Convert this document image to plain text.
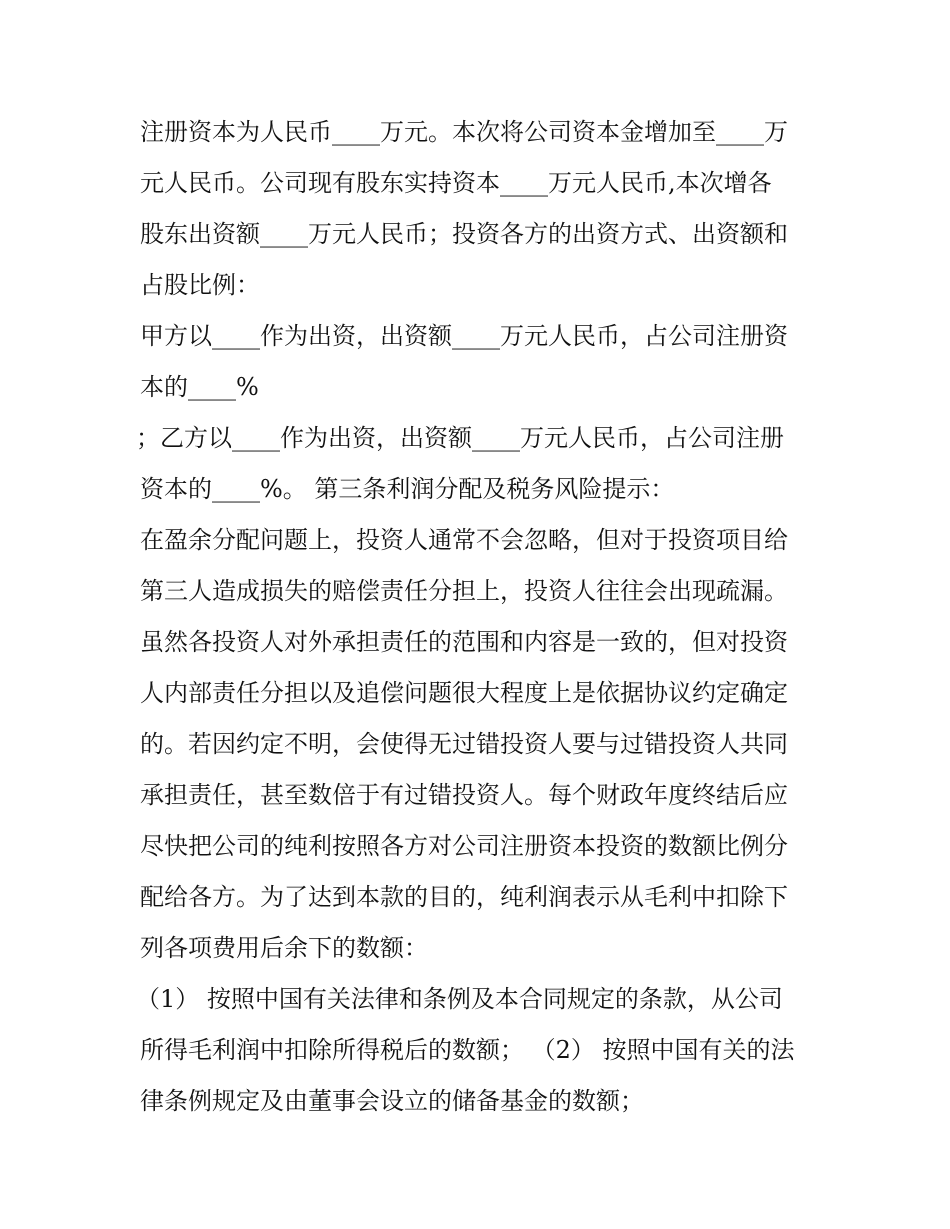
注册资本为人民币____万元。本次将公司资本金增加至____万
元人民币。公司现有股东实持资本____万元人民币,本次增各
股东出资额____万元人民币；投资各方的出资方式、出资额和
占股比例：
甲方以____作为出资，出资额____万元人民币，占公司注册资
本的____%
；乙方以____作为出资，出资额____万元人民币，占公司注册
资本的____%。 第三条利润分配及税务风险提示：
在盈余分配问题上，投资人通常不会忽略，但对于投资项目给
第三人造成损失的赔偿责任分担上，投资人往往会出现疏漏。
虽然各投资人对外承担责任的范围和内容是一致的，但对投资
人内部责任分担以及追偿问题很大程度上是依据协议约定确定
的。若因约定不明，会使得无过错投资人要与过错投资人共同
承担责任，甚至数倍于有过错投资人。每个财政年度终结后应
尽快把公司的纯利按照各方对公司注册资本投资的数额比例分
配给各方。为了达到本款的目的，纯利润表示从毛利中扣除下
列各项费用后余下的数额：
（1） 按照中国有关法律和条例及本合同规定的条款，从公司
所得毛利润中扣除所得税后的数额； （2） 按照中国有关的法
律条例规定及由董事会设立的储备基金的数额；
